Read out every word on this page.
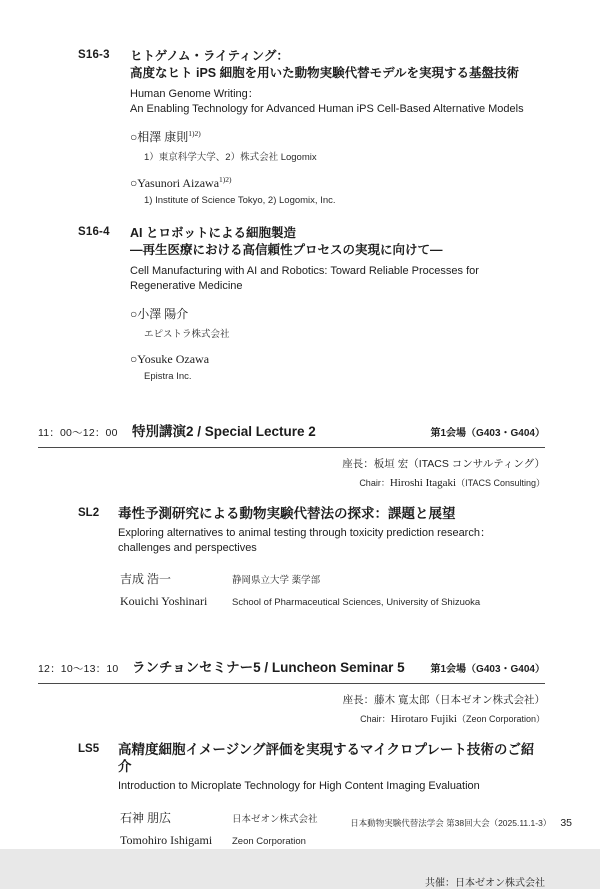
S16-3 ヒトゲノム・ライティング：
高度なヒト iPS 細胞を用いた動物実験代替モデルを実現する基盤技術
Human Genome Writing：
An Enabling Technology for Advanced Human iPS Cell-Based Alternative Models
○相澤 康則$^{1)2)}$
1）東京科学大学、2）株式会社 Logomix
○Yasunori Aizawa$^{1)2)}$
1) Institute of Science Tokyo, 2) Logomix, Inc.
S16-4 AI とロボットによる細胞製造
―再生医療における高信頼性プロセスの実現に向けて―
Cell Manufacturing with AI and Robotics: Toward Reliable Processes for Regenerative Medicine
○小澤 陽介
エピストラ株式会社
○Yosuke Ozawa
Epistra Inc.
11：00～12：00	特別講演2 / Special Lecture 2	第1会場（G403・G404）
座長：板垣 宏（ITACS コンサルティング）
Chair：Hiroshi Itagaki（ITACS Consulting）
SL2 毒性予測研究による動物実験代替法の探求：課題と展望
Exploring alternatives to animal testing through toxicity prediction research：
challenges and perspectives
吉成 浩一	静岡県立大学 薬学部
Kouichi Yoshinari	School of Pharmaceutical Sciences, University of Shizuoka
12：10～13：10	ランチョンセミナー5 / Luncheon Seminar 5	第1会場（G403・G404）
座長：藤木 寛太郎（日本ゼオン株式会社）
Chair：Hirotaro Fujiki（Zeon Corporation）
LS5 高精度細胞イメージング評価を実現するマイクロプレート技術のご紹介
Introduction to Microplate Technology for High Content Imaging Evaluation
石神 朋広	日本ゼオン株式会社
Tomohiro Ishigami	Zeon Corporation
共催：日本ゼオン株式会社
日本動物実験代替法学会 第38回大会（2025.11.1-3） 35
